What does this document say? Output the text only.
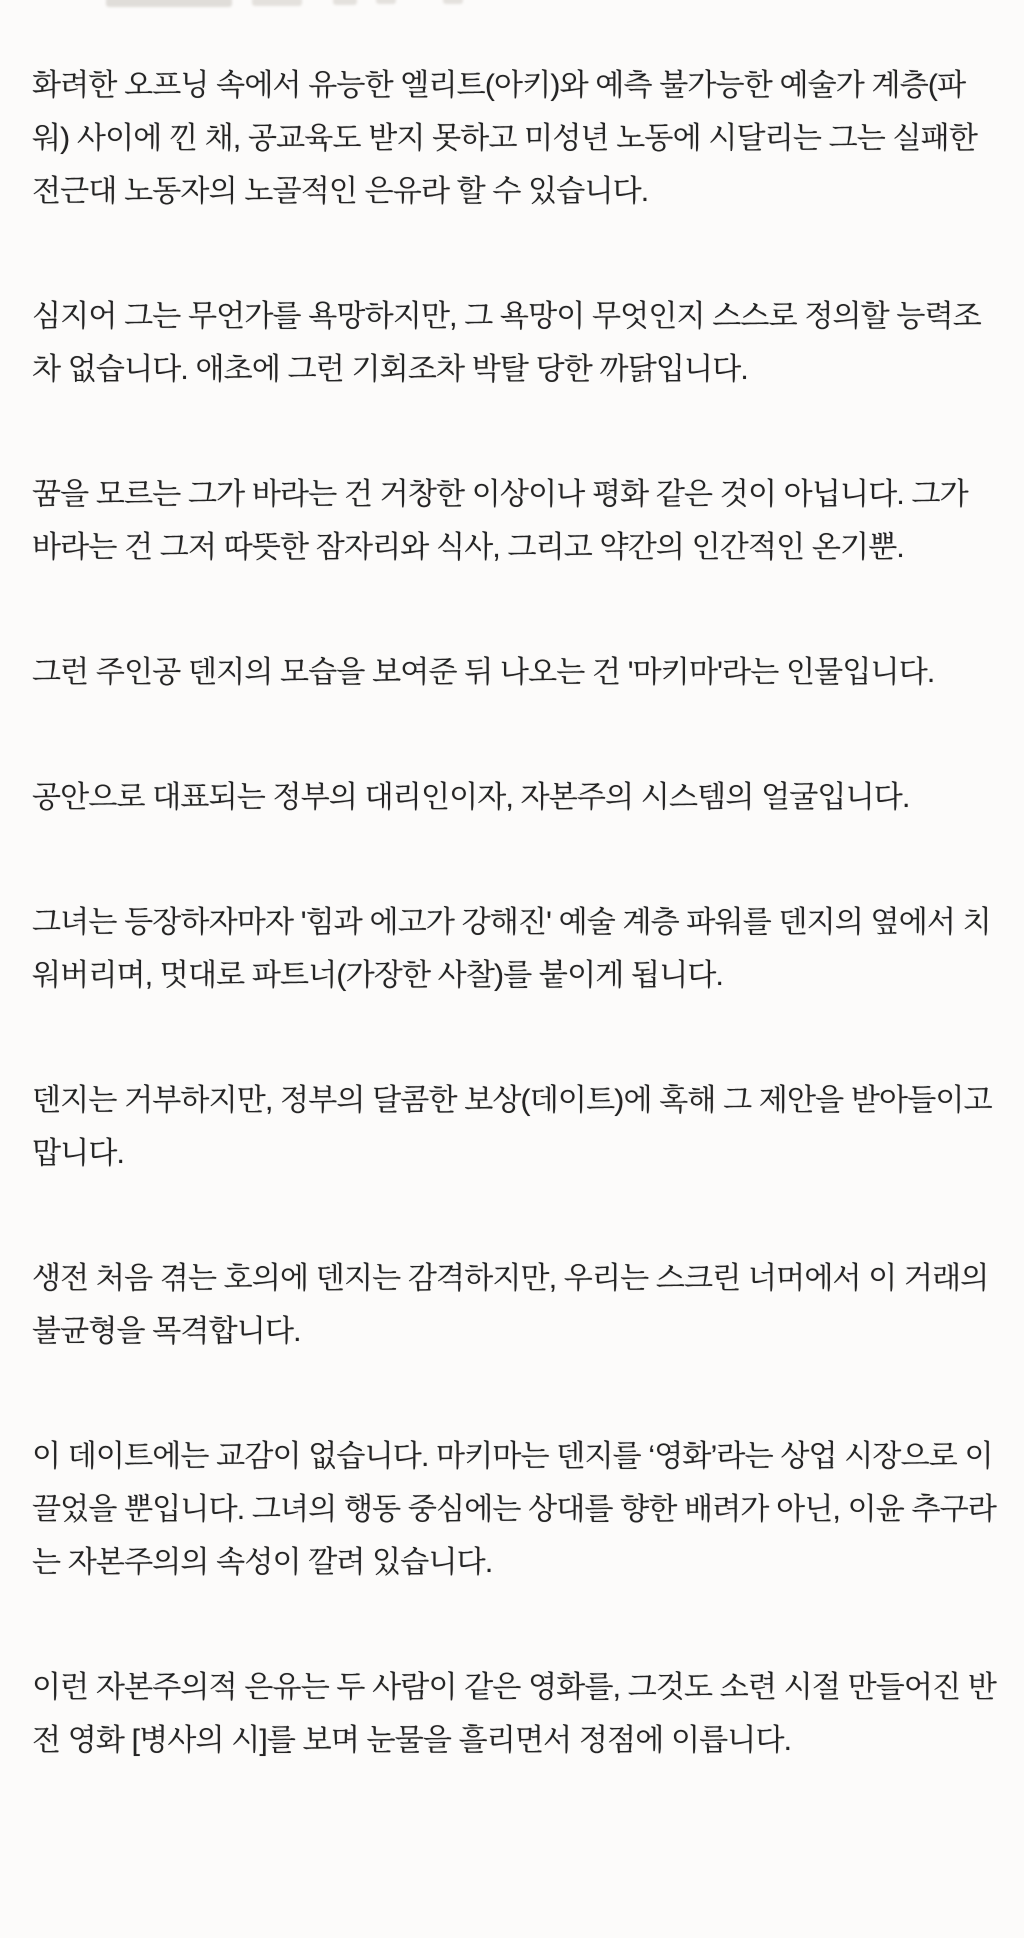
화려한 오프닝 속에서 유능한 엘리트(아키)와 예측 불가능한 예술가 계층(파워) 사이에 낀 채, 공교육도 받지 못하고 미성년 노동에 시달리는 그는 실패한 전근대 노동자의 노골적인 은유라 할 수 있습니다.

심지어 그는 무언가를 욕망하지만, 그 욕망이 무엇인지 스스로 정의할 능력조차 없습니다. 애초에 그런 기회조차 박탈 당한 까닭입니다.

꿈을 모르는 그가 바라는 건 거창한 이상이나 평화 같은 것이 아닙니다. 그가 바라는 건 그저 따뜻한 잠자리와 식사, 그리고 약간의 인간적인 온기뿐.

그런 주인공 덴지의 모습을 보여준 뒤 나오는 건 '마키마'라는 인물입니다.

공안으로 대표되는 정부의 대리인이자, 자본주의 시스템의 얼굴입니다.

그녀는 등장하자마자 '힘과 에고가 강해진' 예술 계층 파워를 덴지의 옆에서 치워버리며, 멋대로 파트너(가장한 사찰)를 붙이게 됩니다.

덴지는 거부하지만, 정부의 달콤한 보상(데이트)에 혹해 그 제안을 받아들이고 맙니다.

생전 처음 겪는 호의에 덴지는 감격하지만, 우리는 스크린 너머에서 이 거래의 불균형을 목격합니다.

이 데이트에는 교감이 없습니다. 마키마는 덴지를 ‘영화’라는 상업 시장으로 이끌었을 뿐입니다. 그녀의 행동 중심에는 상대를 향한 배려가 아닌, 이윤 추구라는 자본주의의 속성이 깔려 있습니다.

이런 자본주의적 은유는 두 사람이 같은 영화를, 그것도 소련 시절 만들어진 반전 영화 [병사의 시]를 보며 눈물을 흘리면서 정점에 이릅니다.
